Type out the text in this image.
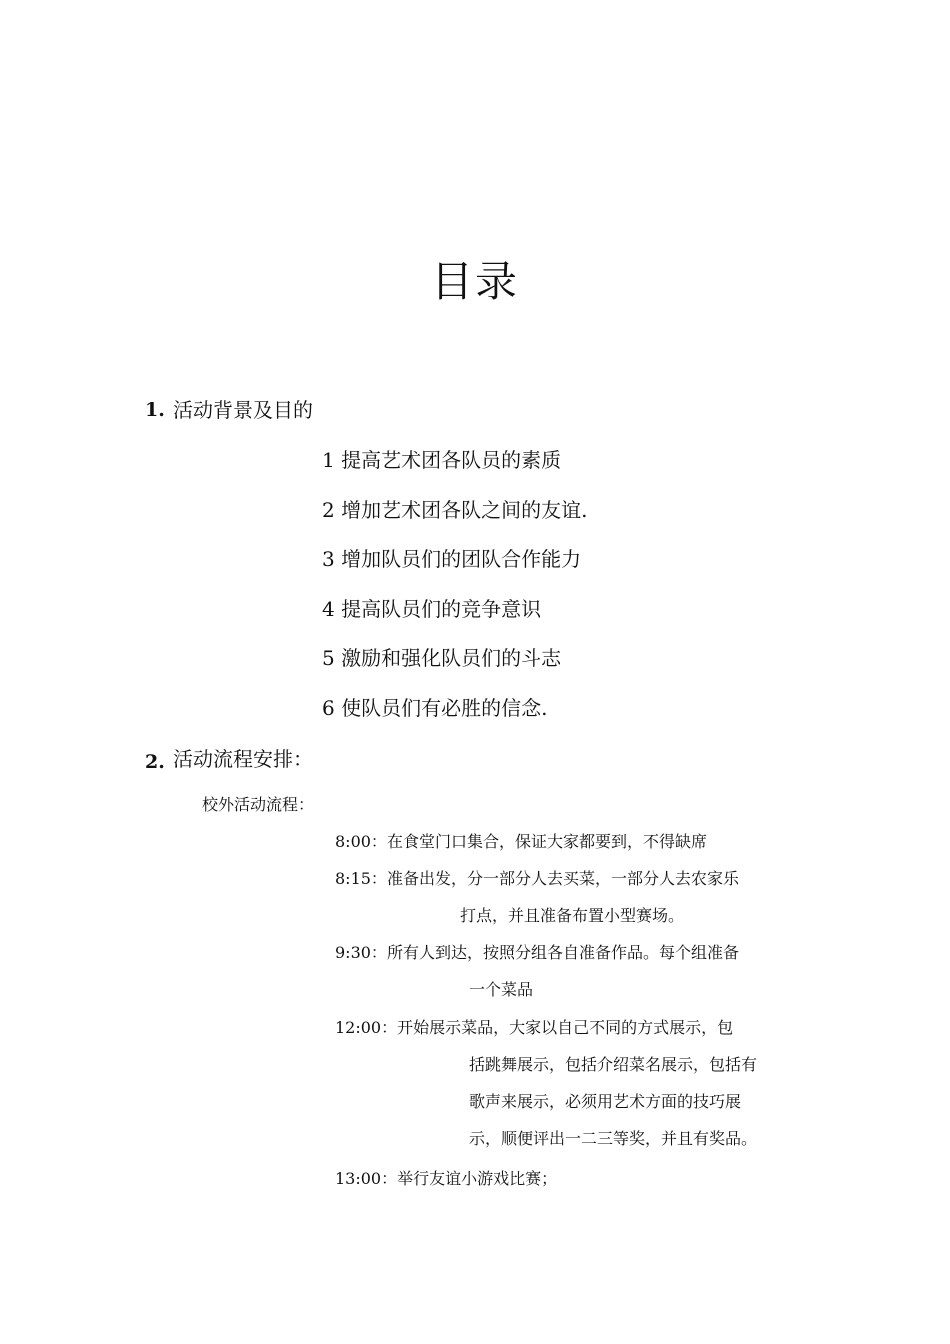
目录
1. 活动背景及目的
1 提高艺术团各队员的素质
2 增加艺术团各队之间的友谊.
3 增加队员们的团队合作能力
4 提高队员们的竞争意识
5 激励和强化队员们的斗志
6 使队员们有必胜的信念.
2. 活动流程安排：
校外活动流程：
8:00：在食堂门口集合，保证大家都要到，不得缺席
8:15：准备出发，分一部分人去买菜，一部分人去农家乐
打点，并且准备布置小型赛场。
9:30：所有人到达，按照分组各自准备作品。每个组准备
一个菜品
12:00：开始展示菜品，大家以自己不同的方式展示，包
括跳舞展示，包括介绍菜名展示，包括有
歌声来展示，必须用艺术方面的技巧展
示，顺便评出一二三等奖，并且有奖品。
13:00：举行友谊小游戏比赛；
